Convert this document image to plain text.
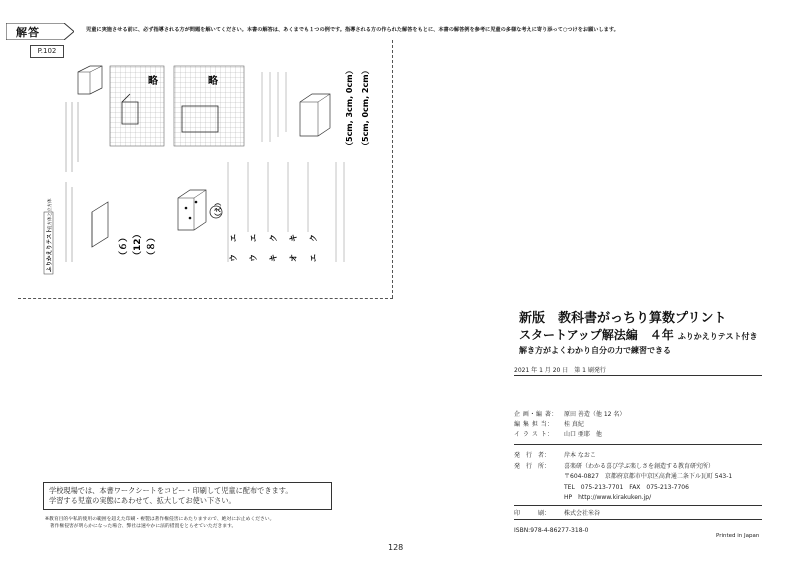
解答	児童に実施させる前に、必ず指導される方が問題を解いてください。本書の解答は、あくまでも１つの例です。指導される方の作られた解答をもとに、本書の解答例を参考に児童の多様な考えに寄り添って○つけをお願いします。
P.102
ふりかえりテスト
直方体と立方体
（６） （12） （８）
略	略
（え）
ウ
エ
ウ
エ
キ
ク
オ
キ
エ
ク
（5cm, 3cm, 0cm） （5cm, 0cm, 2cm）
新版　教科書がっちり算数プリント
スタートアップ解法編　４年 ふりかえりテスト付き
解き方がよくわかり自分の力で練習できる
2021 年 1 月 20 日　第 1 刷発行
企 画・編 著：	原田 善造（他 12 名）
編 集 担 当：	桂 真紀
イ ラ ス ト：	山口 亜耶　他
発　行　者：	岸本 なおこ
発　行　所：	喜楽研（わかる喜び学ぶ楽しさを創造する教育研究所）
〒604-0827　京都府京都市中京区高倉通二条下ル瓦町 543-1
TEL　075-213-7701　FAX　075-213-7706
HP　http://www.kirakuken.jp/
印　　　刷：	株式会社米谷
ISBN:978-4-86277-318-0
Printed in Japan
学校現場では、本書ワークシートをコピー・印刷して児童に配布できます。
学習する児童の実態にあわせて、拡大してお使い下さい。
※教育目的や私的使用の範囲を超えた印刷・複製は著作権侵害にあたりますので、絶対にお止めください。
　著作権侵害が明らかになった場合、弊社は速やかに法的措置をとらせていただきます。
128
